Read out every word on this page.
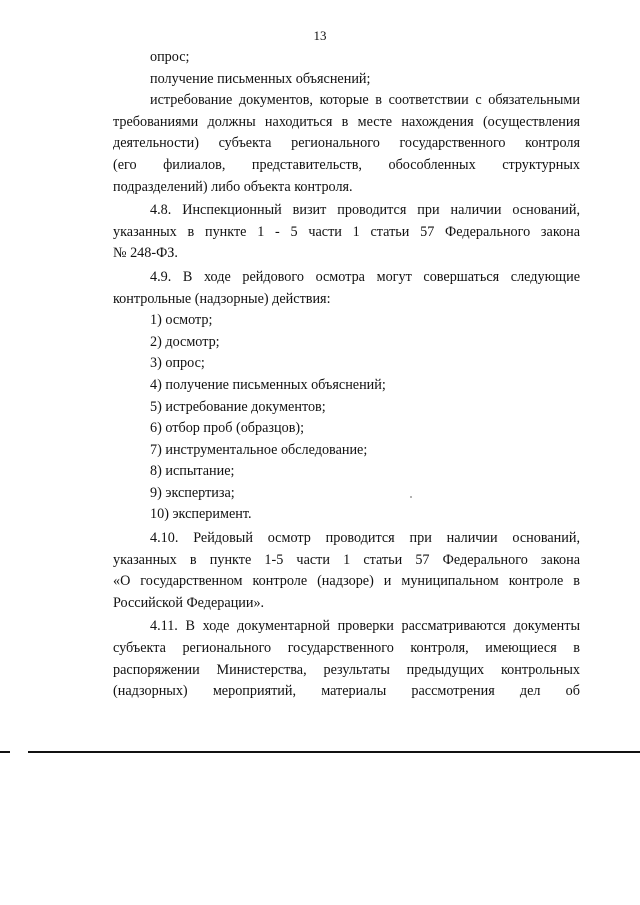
13
опрос;
получение письменных объяснений;
истребование документов, которые в соответствии с обязательными
требованиями должны находиться в месте нахождения (осуществления
деятельности) субъекта регионального государственного контроля
(его филиалов, представительств, обособленных структурных
подразделений) либо объекта контроля.
4.8. Инспекционный визит проводится при наличии оснований,
указанных в пункте 1 - 5 части 1 статьи 57 Федерального закона
№ 248-ФЗ.
4.9. В ходе рейдового осмотра могут совершаться следующие
контрольные (надзорные) действия:
1) осмотр;
2) досмотр;
3) опрос;
4) получение письменных объяснений;
5) истребование документов;
6) отбор проб (образцов);
7) инструментальное обследование;
8) испытание;
9) экспертиза;
10) эксперимент.
4.10. Рейдовый осмотр проводится при наличии оснований,
указанных в пункте 1-5 части 1 статьи 57 Федерального закона
«О государственном контроле (надзоре) и муниципальном контроле в
Российской Федерации».
4.11. В ходе документарной проверки рассматриваются документы
субъекта регионального государственного контроля, имеющиеся в
распоряжении Министерства, результаты предыдущих контрольных
(надзорных) мероприятий, материалы рассмотрения дел об
